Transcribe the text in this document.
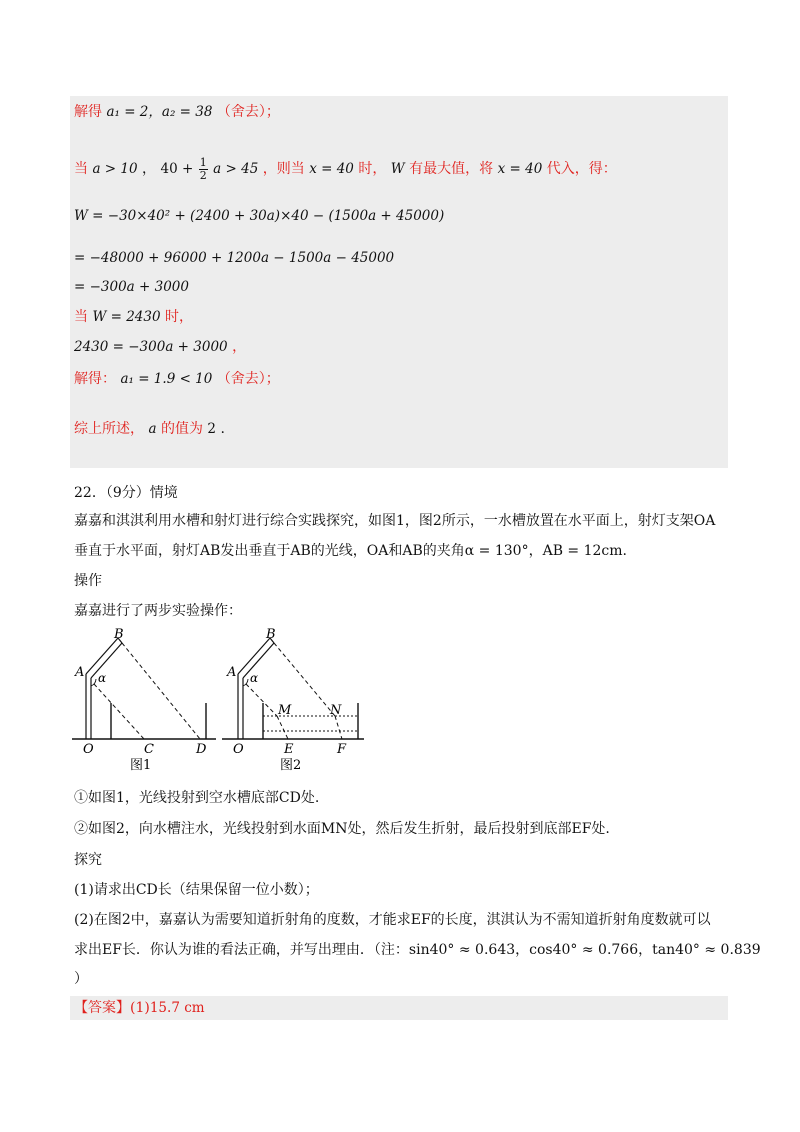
解得 a₁ = 2，a₂ = 38 （舍去）；
当 a > 10 ， $40 + \frac{1}{2}$ a > 45 ，则当 x = 40 时， W 有最大值，将 x = 40 代入，得：
W = −30×40² + (2400 + 30a)×40 − (1500a + 45000)
= −48000 + 96000 + 1200a − 1500a − 45000
= −300a + 3000
当 W = 2430 时，
2430 = −300a + 3000 ，
解得： a₁ = 1.9 < 10 （舍去）；
综上所述， a 的值为 2 .
22．（9分）情境
嘉嘉和淇淇利用水槽和射灯进行综合实践探究，如图1，图2所示，一水槽放置在水平面上，射灯支架OA
垂直于水平面，射灯AB发出垂直于AB的光线，OA和AB的夹角α = 130°，AB = 12cm.
操作
嘉嘉进行了两步实验操作：
B
A α
O	C	D
图1
B
A α
M	N
O	E	F
图2
①如图1，光线投射到空水槽底部CD处.
②如图2，向水槽注水，光线投射到水面MN处，然后发生折射，最后投射到底部EF处.
探究
(1)请求出CD长（结果保留一位小数）；
(2)在图2中，嘉嘉认为需要知道折射角的度数，才能求EF的长度，淇淇认为不需知道折射角度数就可以
求出EF长．你认为谁的看法正确，并写出理由．（注：sin40° ≈ 0.643，cos40° ≈ 0.766，tan40° ≈ 0.839
）
【答案】(1)15.7 cm
